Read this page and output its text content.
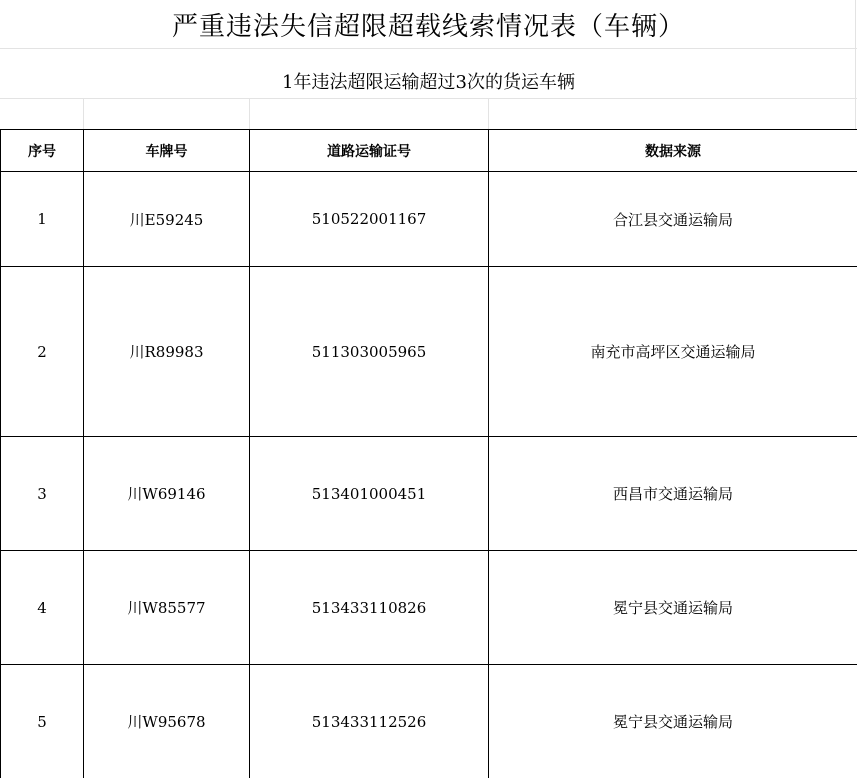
严重违法失信超限超载线索情况表（车辆）
1年违法超限运输超过3次的货运车辆
序号	车牌号	道路运输证号	数据来源
1	川E59245	510522001167	合江县交通运输局
2	川R89983	511303005965	南充市高坪区交通运输局
3	川W69146	513401000451	西昌市交通运输局
4	川W85577	513433110826	冕宁县交通运输局
5	川W95678	513433112526	冕宁县交通运输局
